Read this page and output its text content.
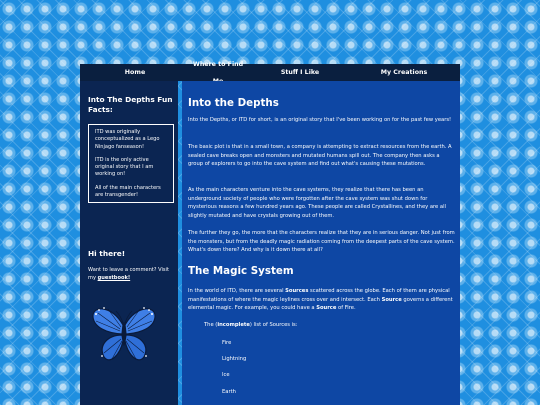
Home
Where to Find
Stuff I Like	My Creations
Into The Depths Fun Facts:

ITD was originally conceptualized as a Lego Ninjago fanseason!

ITD is the only active original story that I am working on!

All of the main characters are transgender!

Hi there!
Want to leave a comment? Visit my guestbook!
Into the Depths

Into the Depths, or ITD for short, is an original story that I've been working on for the past few years!

The basic plot is that in a small town, a company is attempting to extract resources from the earth. A sealed cave breaks open and monsters and mutated humans spill out. The company then asks a group of explorers to go into the cave system and find out what's causing these mutations.

As the main characters venture into the cave systems, they realize that there has been an underground society of people who were forgotten after the cave system was shut down for mysterious reasons a few hundred years ago. These people are called Crystallines, and they are all slightly mutated and have crystals growing out of them.

The further they go, the more that the characters realize that they are in serious danger. Not just from the monsters, but from the deadly magic radiation coming from the deepest parts of the cave system. What's down there? And why is it down there at all?

The Magic System

In the world of ITD, there are several Sources scattered across the globe. Each of them are physical manifestations of where the magic leylines cross over and intersect. Each Source governs a different elemental magic. For example, you could have a Source of Fire.

The (incomplete) list of Sources is:

Fire
Lightning
Ice
Earth
